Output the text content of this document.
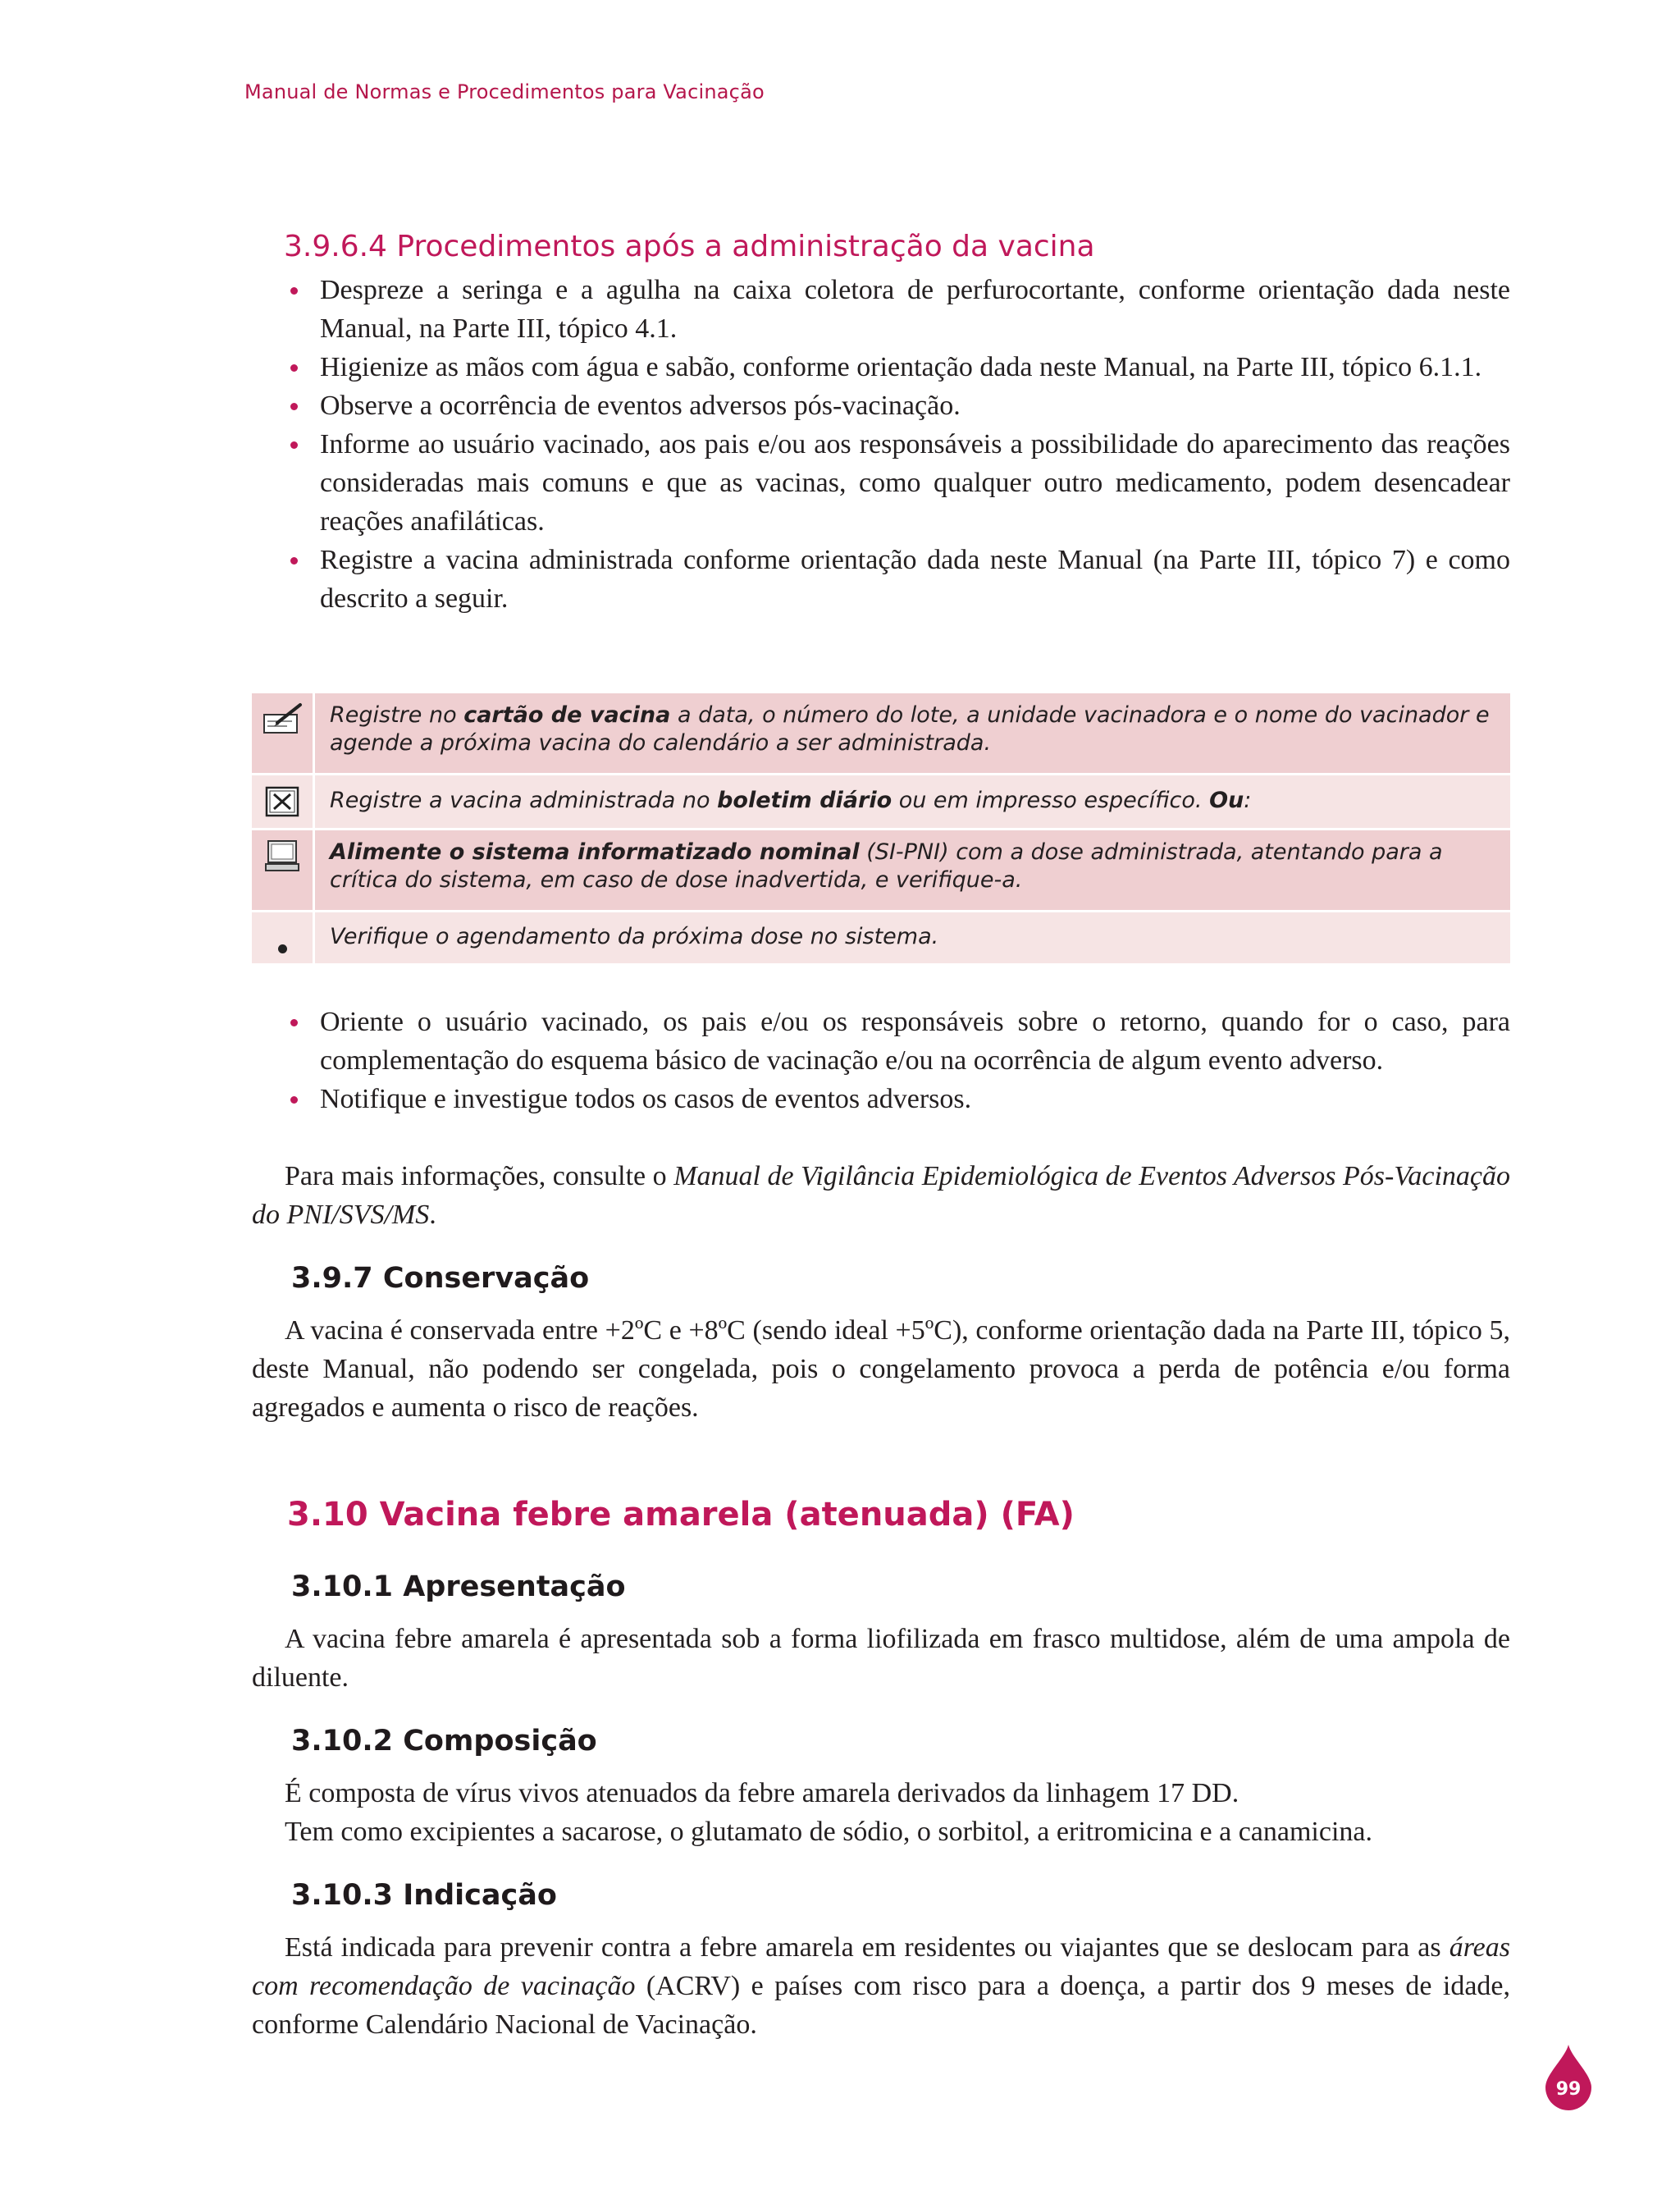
Manual de Normas e Procedimentos para Vacinação
3.9.6.4 Procedimentos após a administração da vacina
Despreze a seringa e a agulha na caixa coletora de perfurocortante, conforme orientação dada neste Manual, na Parte III, tópico 4.1.
Higienize as mãos com água e sabão, conforme orientação dada neste Manual, na Parte III, tópico 6.1.1.
Observe a ocorrência de eventos adversos pós-vacinação.
Informe ao usuário vacinado, aos pais e/ou aos responsáveis a possibilidade do aparecimento das reações consideradas mais comuns e que as vacinas, como qualquer outro medicamento, podem desencadear reações anafiláticas.
Registre a vacina administrada conforme orientação dada neste Manual (na Parte III, tópico 7) e como descrito a seguir.
Registre no cartão de vacina a data, o número do lote, a unidade vacinadora e o nome do vacinador e agende a próxima vacina do calendário a ser administrada.
Registre a vacina administrada no boletim diário ou em impresso específico. Ou:
Alimente o sistema informatizado nominal (SI-PNI) com a dose administrada, atentando para a crítica do sistema, em caso de dose inadvertida, e verifique-a.
Verifique o agendamento da próxima dose no sistema.
Oriente o usuário vacinado, os pais e/ou os responsáveis sobre o retorno, quando for o caso, para complementação do esquema básico de vacinação e/ou na ocorrência de algum evento adverso.
Notifique e investigue todos os casos de eventos adversos.

Para mais informações, consulte o Manual de Vigilância Epidemiológica de Eventos Adversos Pós-Vacinação do PNI/SVS/MS.

3.9.7 Conservação

A vacina é conservada entre +2ºC e +8ºC (sendo ideal +5ºC), conforme orientação dada na Parte III, tópico 5, deste Manual, não podendo ser congelada, pois o congelamento provoca a perda de potência e/ou forma agregados e aumenta o risco de reações.

3.10 Vacina febre amarela (atenuada) (FA)
3.10.1 Apresentação

A vacina febre amarela é apresentada sob a forma liofilizada em frasco multidose, além de uma ampola de diluente.

3.10.2 Composição

É composta de vírus vivos atenuados da febre amarela derivados da linhagem 17 DD.

Tem como excipientes a sacarose, o glutamato de sódio, o sorbitol, a eritromicina e a canamicina.

3.10.3 Indicação

Está indicada para prevenir contra a febre amarela em residentes ou viajantes que se deslocam para as áreas com recomendação de vacinação (ACRV) e países com risco para a doença, a partir dos 9 meses de idade, conforme Calendário Nacional de Vacinação.

99
